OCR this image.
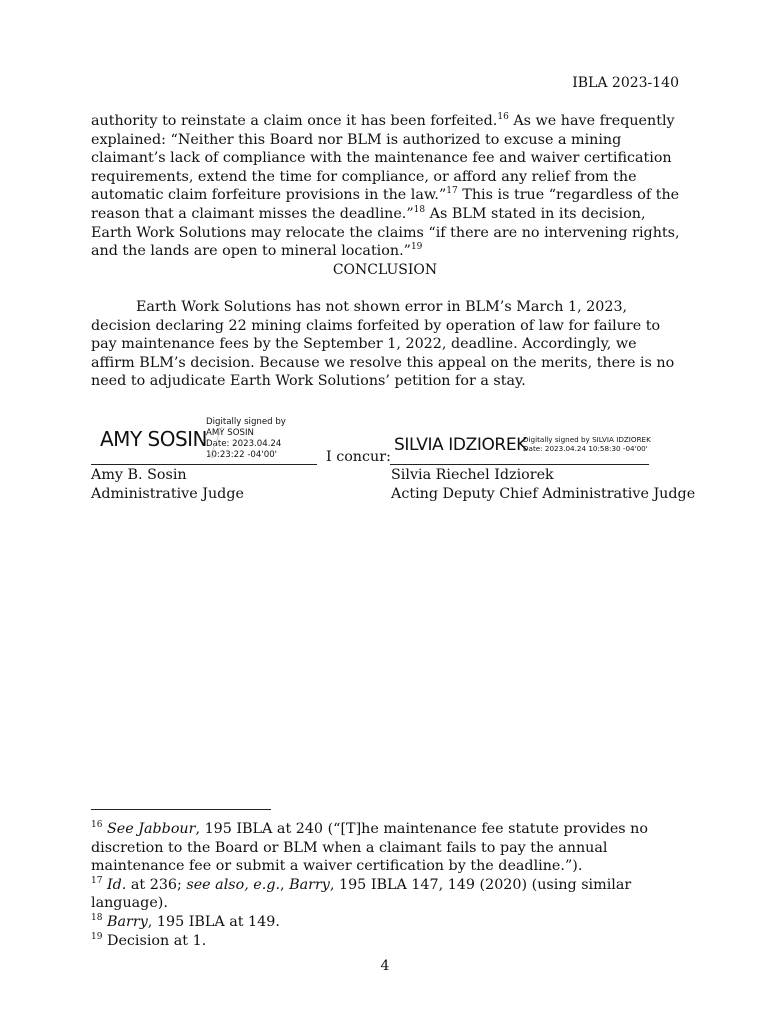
IBLA 2023-140
authority to reinstate a claim once it has been forfeited.$^{16}$ As we have frequently explained: “Neither this Board nor BLM is authorized to excuse a mining claimant’s lack of compliance with the maintenance fee and waiver certification requirements, extend the time for compliance, or afford any relief from the automatic claim forfeiture provisions in the law.”$^{17}$ This is true “regardless of the reason that a claimant misses the deadline.”$^{18}$ As BLM stated in its decision, Earth Work Solutions may relocate the claims “if there are no intervening rights, and the lands are open to mineral location.”$^{19}$
CONCLUSION
Earth Work Solutions has not shown error in BLM’s March 1, 2023, decision declaring 22 mining claims forfeited by operation of law for failure to pay maintenance fees by the September 1, 2022, deadline. Accordingly, we affirm BLM’s decision. Because we resolve this appeal on the merits, there is no need to adjudicate Earth Work Solutions’ petition for a stay.
AMY SOSIN
Digitally signed by AMY SOSIN
Date: 2023.04.24 10:23:22 -04'00'	I concur:
SILVIA IDZIOREK
Digitally signed by SILVIA IDZIOREK
Date: 2023.04.24 10:58:30 -04'00'
Amy B. Sosin
Administrative Judge
Silvia Riechel Idziorek
Acting Deputy Chief Administrative Judge

$^{16}$ See Jabbour, 195 IBLA at 240 (“[T]he maintenance fee statute provides no discretion to the Board or BLM when a claimant fails to pay the annual maintenance fee or submit a waiver certification by the deadline.”).

$^{17}$ Id. at 236; see also, e.g., Barry, 195 IBLA 147, 149 (2020) (using similar language).

$^{18}$ Barry, 195 IBLA at 149.

$^{19}$ Decision at 1.

4
